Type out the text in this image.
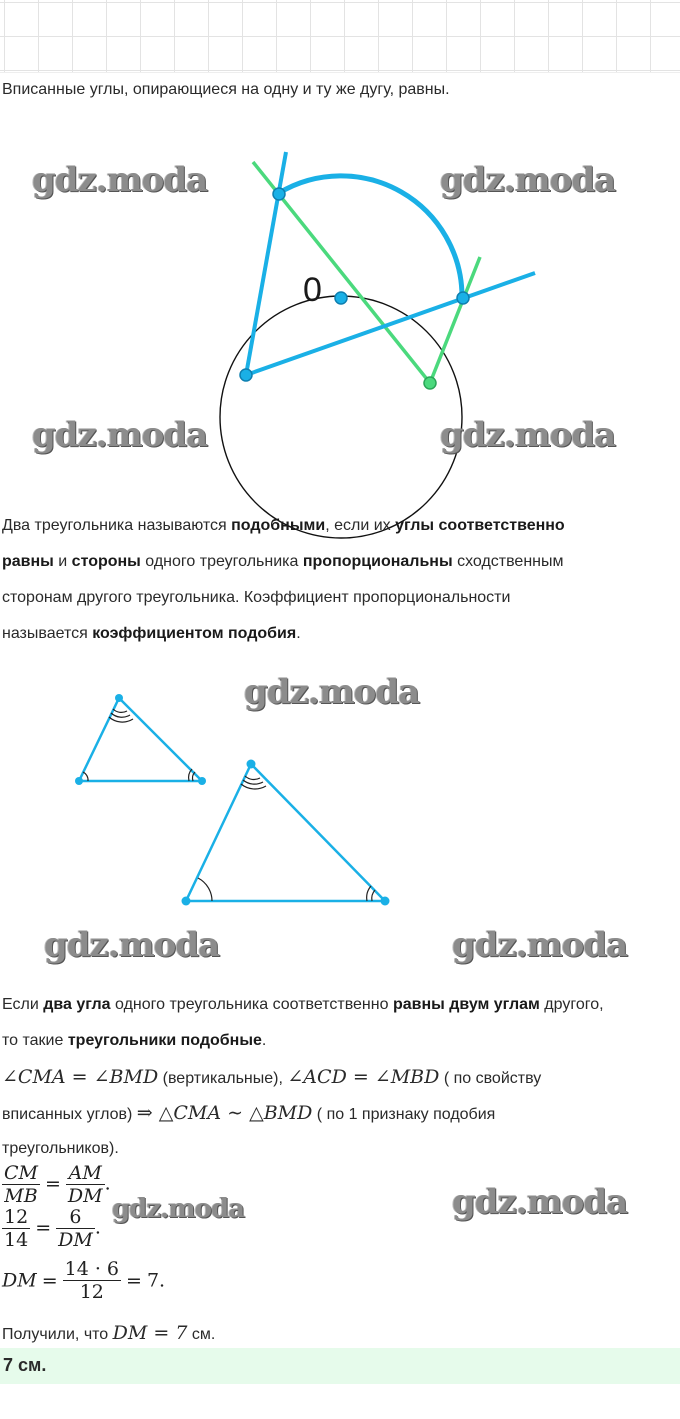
Вписанные углы, опирающиеся на одну и ту же дугу, равны.

0
gdz.moda	gdz.moda
gdz.moda	gdz.moda

Два треугольника называются подобными, если их углы соответственно

равны и стороны одного треугольника пропорциональны сходственным

сторонам другого треугольника. Коэффициент пропорциональности

называется коэффициентом подобия.

gdz.moda
gdz.moda	gdz.moda

Если два угла одного треугольника соответственно равны двум углам другого,

то такие треугольники подобные.

∠CMA = ∠BMD (вертикальные), ∠ACD = ∠MBD ( по свойству

вписанных углов) ⇒ △CMA ∼ △BMD ( по 1 признаку подобия

треугольников).

$\frac{CM}{MB} = \frac{AM}{DM}$ .
gdz.moda	gdz.moda
$\frac{12}{14} = \frac{6}{DM}$ .
DM = $\frac{14 \cdot 6}{12} = 7$.

Получили, что DM = 7 см.

7 см.
